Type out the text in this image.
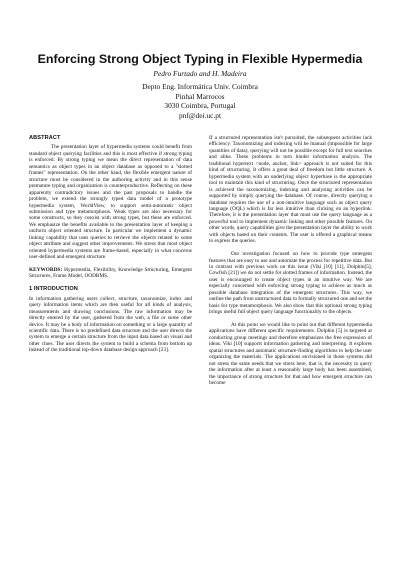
Enforcing Strong Object Typing in Flexible Hypermedia
Pedro Furtado and H. Madeira
Depto Eng. Informática Univ. Coimbra
Pinhal Marrocos
3030 Coimbra, Portugal
pnf@dei.uc.pt
ABSTRACT

The presentation layer of hypermedia systems could benefit from standard object querying facilities and this is most effective if strong typing is enforced. By strong typing we mean the direct representation of data semantics as object types in an object database as opposed to a "slotted frames" representation. On the other hand, the flexible emergent nature of structure must be considered in the authoring activity and in this sense premature typing and organization is counterproductive. Reflecting on these apparently contradictory issues and the past proposals to handle the problem, we extend the strongly typed data model of a prototype hypermedia system, WorldView, to support semi-automatic object submission and type metamorphosis. Weak types are also necessary for some constructs, so they coexist with strong types, but these are enforced. We emphasize the benefits available to the presentation layer of keeping a uniform object oriented structure. In particular we implement a dynamic linking capability that uses queries to retrieve the objects related to some object attribute and suggest other improvements. We stress that most object oriented hypermedia systems are frame-based, especially in what concerns user-defined and emergent structure.

KEYWORDS: Hypermedia, Flexibility, Knowledge Structuring, Emergent Structures, Frame Model, OODBMS.

1 INTRODUCTION

In information gathering users collect, structure, taxonomize, index and query information items which are then useful for all kinds of analysis, measurements and drawing conclusions. The raw information may be directly entered by the user, gathered from the web, a file or some other device. It may be a body of information on something or a large quantity of scientific data. There is no predefined data structure and the user directs the system to emerge a certain structure from the input data based on visual and other clues. The user directs the system to build a schema from bottom up instead of the traditional top-down database design approach [23].

If a structured representation isn't pursuited, the subsequent activities lack efficiency. Taxonomizing and indexing will be manual (impossible for large quantities of data), querying will not be possible except for full text searches and alike. These problems in turn hinder information analysis. The traditional hypertext <node, anchor, link> approach is not suited for this kind of structuring. It offers a great deal of freedom but little structure. A hypermedia system with an underlying object hyperbase is the appropriate tool to maintain this kind of structuring. Once the structured representation is achieved the taxonomizing, indexing and analysing activities can be supported by simply querying the database. Of course, directly querying a database requires the use of a non-intuitive language such as object query language (OQL) which is far less intuitive than clicking on an hyperlink. Therefore, it is the presentation layer that must use the query language as a powerful tool to implement dynamic linking and other possible features. On other words, query capabilities give the presentation layer the ability to work with objects based on their contents. The user is offered a graphical means to express the queries.

Our investigation focused on how to provide type emergent features that are easy to use and automate the process for repetitive data. But in contrast with previous work on this issue (Viki [10] [11], Dolphin[5], Cowfish [21]) we do not settle for slotted frames of information. Instead, the user is encouraged to create object types in an intuitive way. We are especially concerned with enforcing strong typing to achieve as much as possible database integration of the emergent structures. This way, we outline the path from unstructured data to formally structured one and set the basis for type metamorphosis. We also show that this optional strong typing brings useful full object query language functionality to the objects.

At this point we would like to point out that different hypermedia applications have different specific requirements. Dolphin [5] is targeted at conducting group meetings and therefore emphasizes the free expression of ideas. Viki [10] supports information gathering and interpreting. It explores spatial structures and automatic structure-finding algorithms to help the user organizing the materials. The applications envisioned in those systems did not stress the same needs that we stress here, that is, the necessity to query the information after at least a reasonably large body has been assembled, the importance of strong structure for that and how emergent structure can become
